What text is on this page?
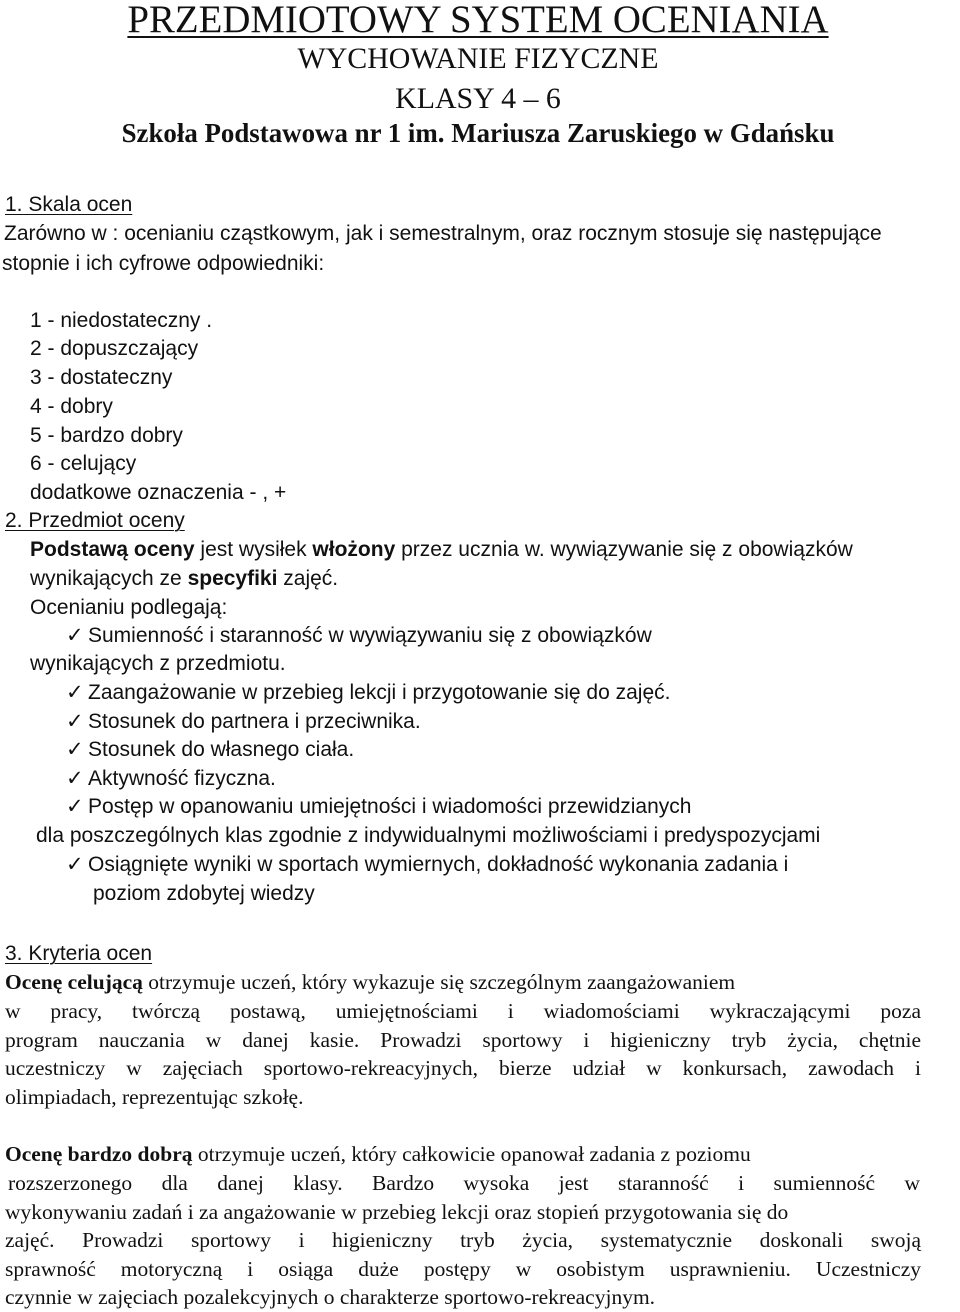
PRZEDMIOTOWY SYSTEM OCENIANIA
WYCHOWANIE FIZYCZNE
KLASY 4 – 6
Szkoła Podstawowa nr 1 im. Mariusza Zaruskiego w Gdańsku
1. Skala ocen
Zarówno w : ocenianiu cząstkowym, jak i semestralnym, oraz rocznym stosuje się następujące
stopnie i ich cyfrowe odpowiedniki:
1 - niedostateczny .
2 - dopuszczający
3 - dostateczny
4 - dobry
5 - bardzo dobry
6 - celujący
dodatkowe oznaczenia - , +
2. Przedmiot oceny
Podstawą oceny jest wysiłek włożony przez ucznia w. wywiązywanie się z obowiązków
wynikających ze specyfiki zajęć.
Ocenianiu podlegają:
✓ Sumienność i staranność w wywiązywaniu się z obowiązków
wynikających z przedmiotu.
✓ Zaangażowanie w przebieg lekcji i przygotowanie się do zajęć.
✓ Stosunek do partnera i przeciwnika.
✓ Stosunek do własnego ciała.
✓ Aktywność fizyczna.
✓ Postęp w opanowaniu umiejętności i wiadomości przewidzianych
dla poszczególnych klas zgodnie z indywidualnymi możliwościami i predyspozycjami
✓ Osiągnięte wyniki w sportach wymiernych, dokładność wykonania zadania i
poziom zdobytej wiedzy
3. Kryteria ocen
Ocenę celującą otrzymuje uczeń, który wykazuje się szczególnym zaangażowaniem
w pracy, twórczą postawą, umiejętnościami i wiadomościami wykraczającymi poza
program nauczania w danej kasie. Prowadzi sportowy i higieniczny tryb życia, chętnie
uczestniczy w zajęciach sportowo-rekreacyjnych, bierze udział w konkursach, zawodach i
olimpiadach, reprezentując szkołę.
Ocenę bardzo dobrą otrzymuje uczeń, który całkowicie opanował zadania z poziomu
rozszerzonego dla danej klasy. Bardzo wysoka jest staranność i sumienność w
wykonywaniu zadań i za angażowanie w przebieg lekcji oraz stopień przygotowania się do
zajęć. Prowadzi sportowy i higieniczny tryb życia, systematycznie doskonali swoją
sprawność motoryczną i osiąga duże postępy w osobistym usprawnieniu. Uczestniczy
czynnie w zajęciach pozalekcyjnych o charakterze sportowo-rekreacyjnym.
